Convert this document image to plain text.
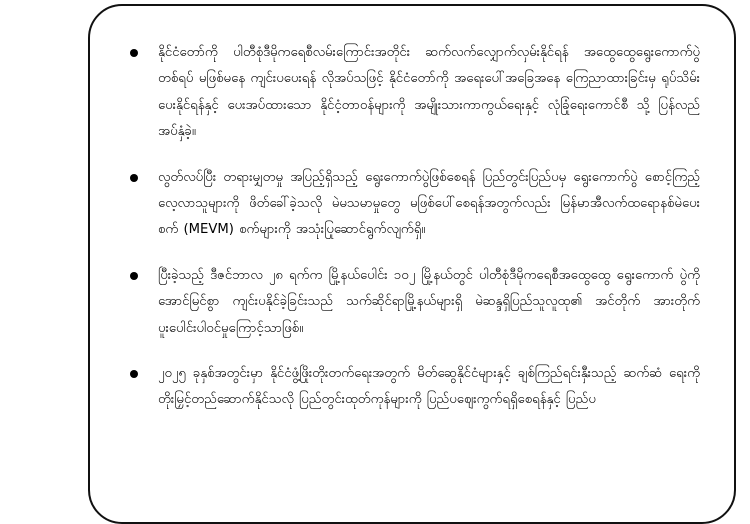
နိုင်ငံတော်ကို ပါတီစုံဒီမိုကရေစီလမ်းကြောင်းအတိုင်း ဆက်လက်လျှောက်လှမ်းနိုင်ရန် အထွေထွေရွေးကောက်ပွဲ တစ်ရပ် မဖြစ်မနေ ကျင်းပပေးရန် လိုအပ်သဖြင့် နိုင်ငံတော်ကို အရေးပေါ်အခြေအနေ ကြေညာထားခြင်းမှ ရုပ်သိမ်းပေးနိုင်ရန်နှင့် ပေးအပ်ထားသော နိုင်ငံ့တာဝန်များကို အမျိုးသားကာကွယ်ရေးနှင့် လုံခြုံရေးကောင်စီ သို့ ပြန်လည်အပ်နှံခဲ့။
လွတ်လပ်ပြီး တရားမျှတမှု အပြည့်ရှိသည့် ရွေးကောက်ပွဲဖြစ်စေရန် ပြည်တွင်းပြည်ပမှ ရွေးကောက်ပွဲ စောင့်ကြည့်လေ့လာသူများကို ဖိတ်ခေါ်ခဲ့သလို မဲမသမာမှုတွေ မဖြစ်ပေါ်စေရန်အတွက်လည်း မြန်မာအီလက်ထရောနစ်မဲပေးစက် (MEVM) စက်များကို အသုံးပြုဆောင်ရွက်လျက်ရှိ။
ပြီးခဲ့သည့် ဒီဇင်ဘာလ ၂၈ ရက်က မြို့နယ်ပေါင်း ၁၀၂ မြို့နယ်တွင် ပါတီစုံဒီမိုကရေစီအထွေထွေ ရွေးကောက် ပွဲကို အောင်မြင်စွာ ကျင်းပနိုင်ခဲ့ခြင်းသည် သက်ဆိုင်ရာမြို့နယ်များရှိ မဲဆန္ဒရှိပြည်သူလူထု၏ အင်တိုက် အားတိုက် ပူးပေါင်းပါဝင်မှုကြောင့်သာဖြစ်။
၂၀၂၅ ခုနှစ်အတွင်းမှာ နိုင်ငံဖွံ့ဖြိုးတိုးတက်ရေးအတွက် မိတ်ဆွေနိုင်ငံများနှင့် ချစ်ကြည်ရင်းနှီးသည့် ဆက်ဆံ ရေးကို တိုးမြှင့်တည်ဆောက်နိုင်သလို ပြည်တွင်းထုတ်ကုန်များကို ပြည်ပဈေးကွက်ရရှိစေရန်နှင့် ပြည်ပ
